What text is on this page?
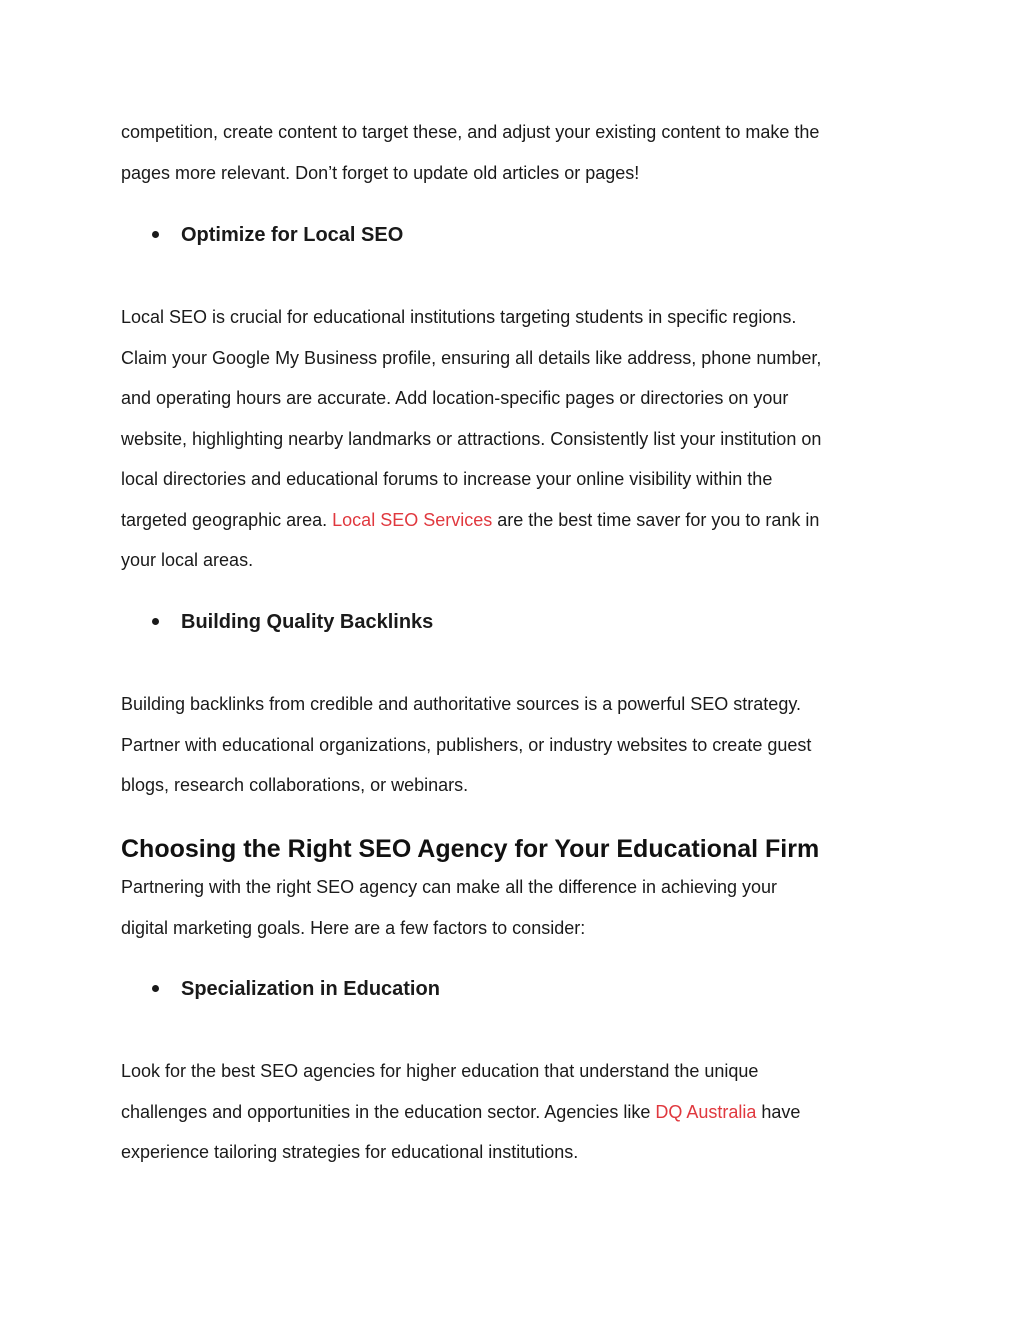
competition, create content to target these, and adjust your existing content to make the

pages more relevant. Don’t forget to update old articles or pages!

Optimize for Local SEO

Local SEO is crucial for educational institutions targeting students in specific regions.

Claim your Google My Business profile, ensuring all details like address, phone number,

and operating hours are accurate. Add location-specific pages or directories on your

website, highlighting nearby landmarks or attractions. Consistently list your institution on

local directories and educational forums to increase your online visibility within the

targeted geographic area. Local SEO Services are the best time saver for you to rank in

your local areas.

Building Quality Backlinks

Building backlinks from credible and authoritative sources is a powerful SEO strategy.

Partner with educational organizations, publishers, or industry websites to create guest

blogs, research collaborations, or webinars.

Choosing the Right SEO Agency for Your Educational Firm

Partnering with the right SEO agency can make all the difference in achieving your

digital marketing goals. Here are a few factors to consider:

Specialization in Education

Look for the best SEO agencies for higher education that understand the unique

challenges and opportunities in the education sector. Agencies like DQ Australia have

experience tailoring strategies for educational institutions.
